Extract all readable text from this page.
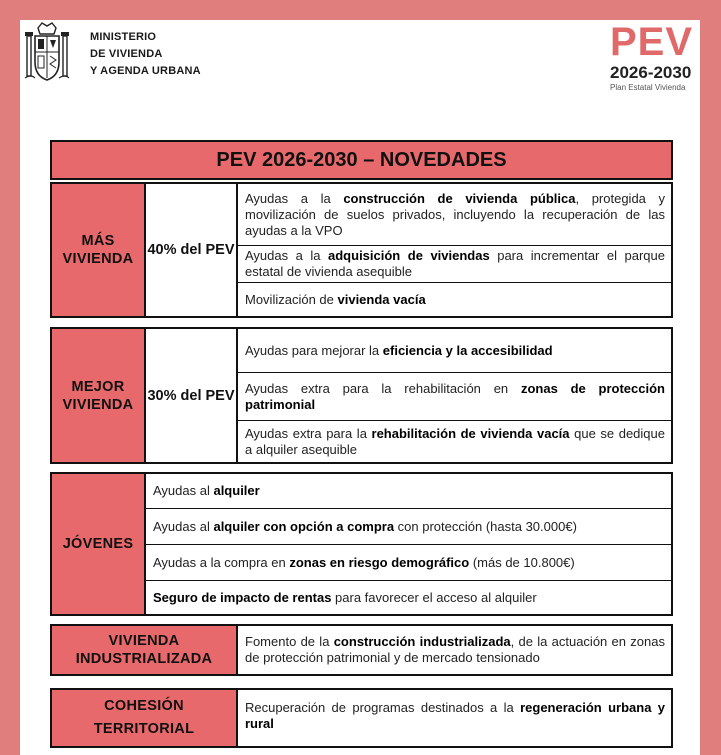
MINISTERIO
DE VIVIENDA
Y AGENDA URBANA
PEV
2026-2030
Plan Estatal Vivienda
PEV 2026-2030 – NOVEDADES
MÁS VIVIENDA
40% del PEV
Ayudas a la construcción de vivienda pública, protegida y movilización de suelos privados, incluyendo la recuperación de las ayudas a la VPO
Ayudas a la adquisición de viviendas para incrementar el parque estatal de vivienda asequible
Movilización de vivienda vacía
MEJOR VIVIENDA
30% del PEV
Ayudas para mejorar la eficiencia y la accesibilidad
Ayudas extra para la rehabilitación en zonas de protección patrimonial
Ayudas extra para la rehabilitación de vivienda vacía que se dedique a alquiler asequible
JÓVENES
Ayudas al alquiler
Ayudas al alquiler con opción a compra con protección (hasta 30.000€)
Ayudas a la compra en zonas en riesgo demográfico (más de 10.800€)
Seguro de impacto de rentas para favorecer el acceso al alquiler
VIVIENDA INDUSTRIALIZADA
Fomento de la construcción industrializada, de la actuación en zonas de protección patrimonial y de mercado tensionado
COHESIÓN TERRITORIAL
Recuperación de programas destinados a la regeneración urbana y rural
